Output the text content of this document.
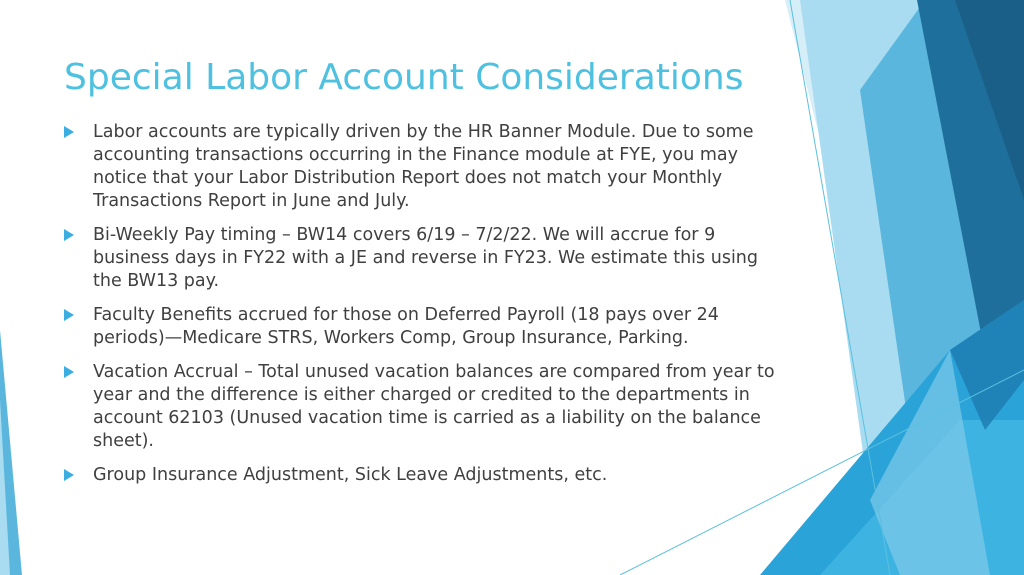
Special Labor Account Considerations
Labor accounts are typically driven by the HR Banner Module. Due to some accounting transactions occurring in the Finance module at FYE, you may notice that your Labor Distribution Report does not match your Monthly Transactions Report in June and July.
Bi-Weekly Pay timing – BW14 covers 6/19 – 7/2/22. We will accrue for 9 business days in FY22 with a JE and reverse in FY23. We estimate this using the BW13 pay.
Faculty Benefits accrued for those on Deferred Payroll (18 pays over 24 periods)—Medicare STRS, Workers Comp, Group Insurance, Parking.
Vacation Accrual – Total unused vacation balances are compared from year to year and the difference is either charged or credited to the departments in account 62103 (Unused vacation time is carried as a liability on the balance sheet).
Group Insurance Adjustment, Sick Leave Adjustments, etc.
